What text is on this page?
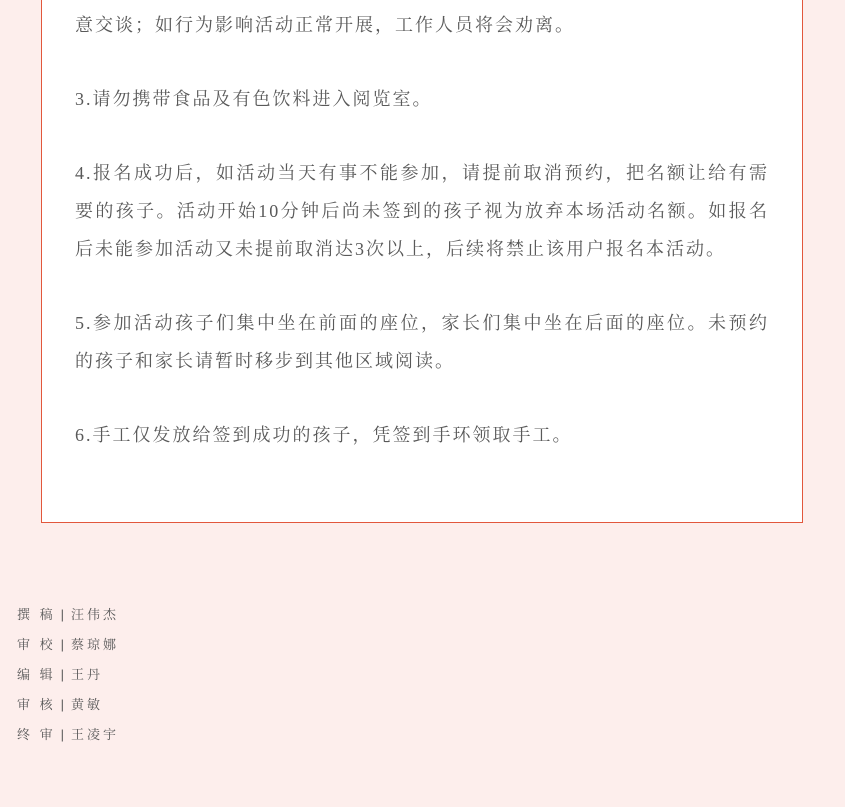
意交谈；如行为影响活动正常开展，工作人员将会劝离。

3.请勿携带食品及有色饮料进入阅览室。

4.报名成功后，如活动当天有事不能参加，请提前取消预约，把名额让给有需要的孩子。活动开始10分钟后尚未签到的孩子视为放弃本场活动名额。如报名后未能参加活动又未提前取消达3次以上，后续将禁止该用户报名本活动。

5.参加活动孩子们集中坐在前面的座位，家长们集中坐在后面的座位。未预约的孩子和家长请暂时移步到其他区域阅读。

6.手工仅发放给签到成功的孩子，凭签到手环领取手工。

撰 稿 | 汪伟杰
审 校 | 蔡琼娜
编 辑 | 王丹
审 核 | 黄敏
终 审 | 王凌宇
